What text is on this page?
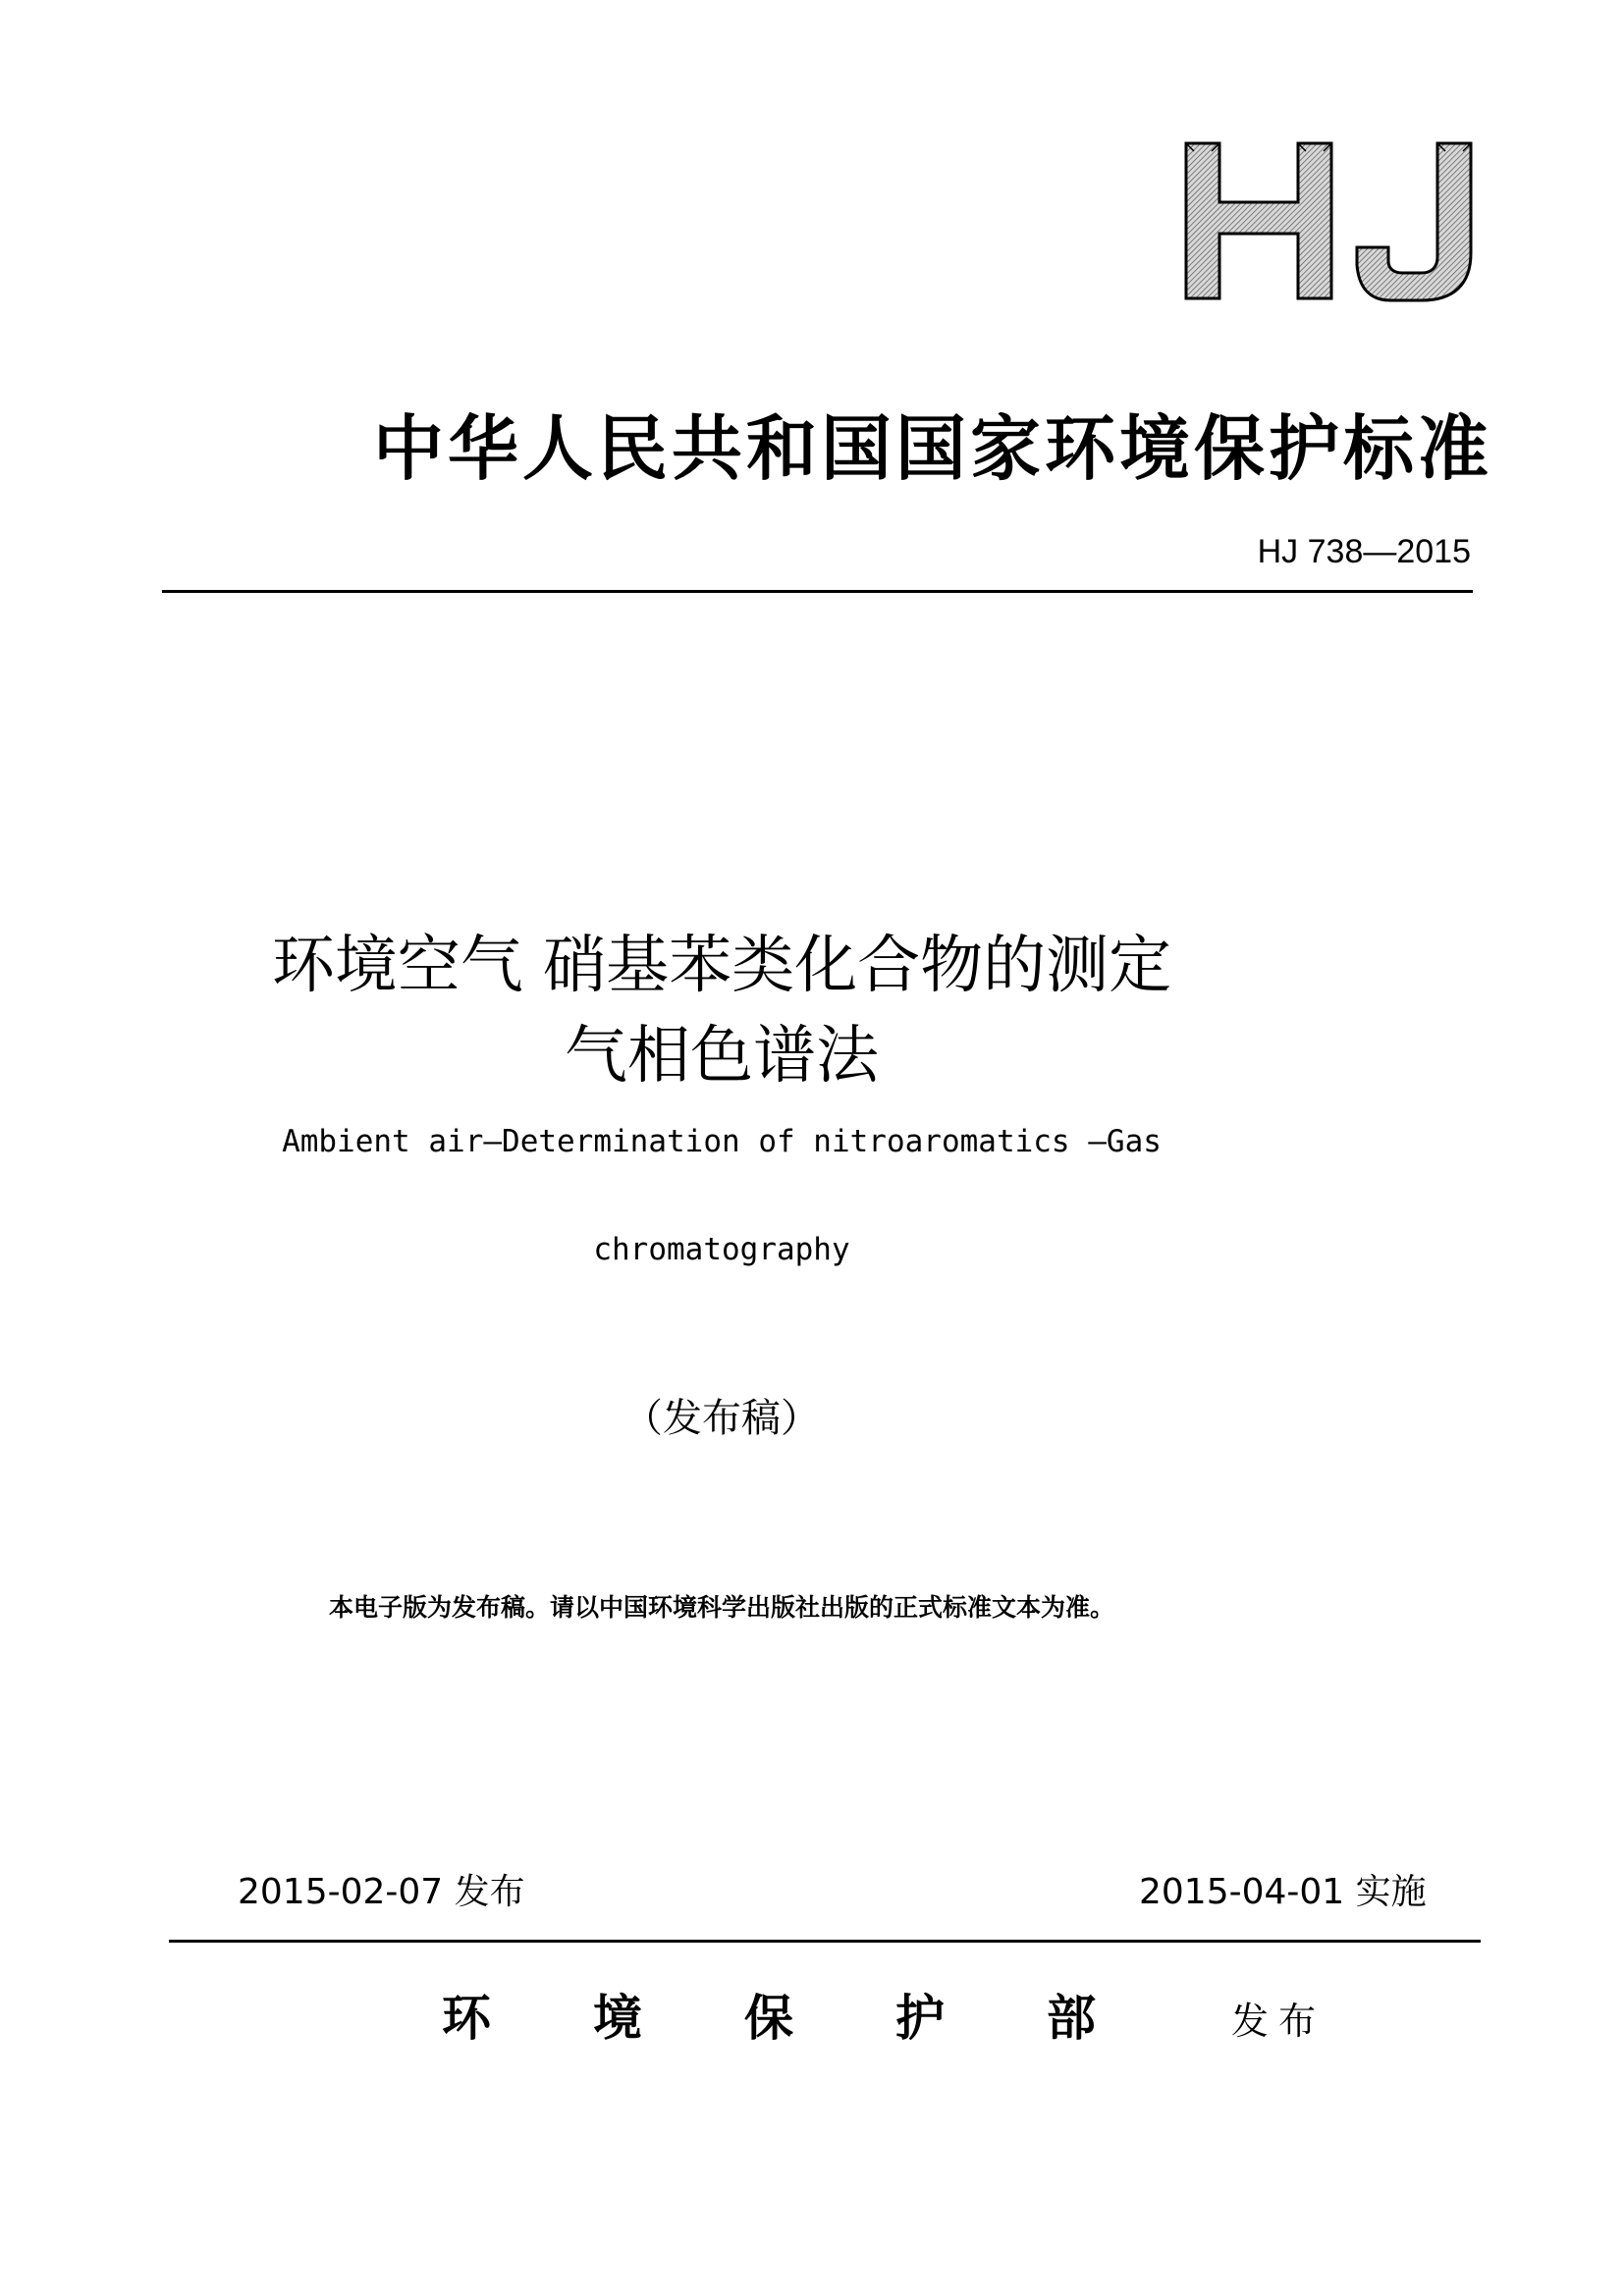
中华人民共和国国家环境保护标准
HJ 738—2015
环境空气 硝基苯类化合物的测定
气相色谱法
Ambient air—Determination of nitroaromatics —Gas
chromatography
（发布稿）
本电子版为发布稿。请以中国环境科学出版社出版的正式标准文本为准。
2015-02-07 发布	2015-04-01 实施
环境保护部 发布
